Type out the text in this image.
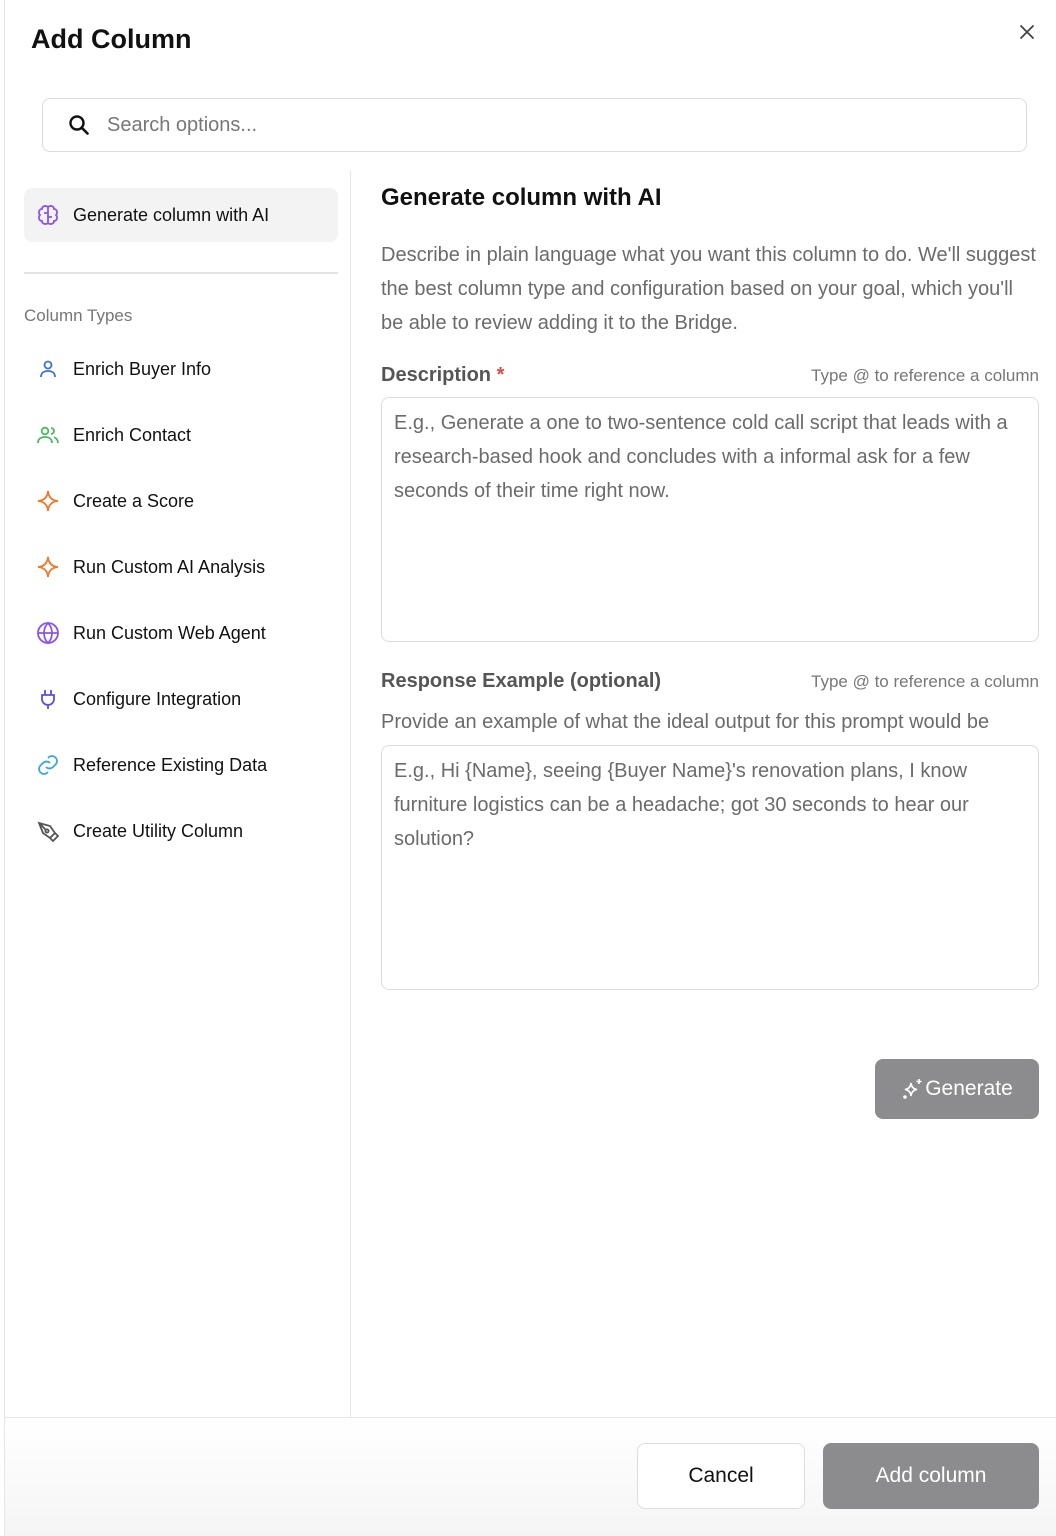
Add Column
Search options...
Generate column with AI
Column Types
Enrich Buyer Info
Enrich Contact
Create a Score
Run Custom AI Analysis
Run Custom Web Agent
Configure Integration
Reference Existing Data
Create Utility Column
Generate column with AI
Describe in plain language what you want this column to do. We'll suggest the best column type and configuration based on your goal, which you'll be able to review adding it to the Bridge.
Description *	Type @ to reference a column
E.g., Generate a one to two-sentence cold call script that leads with a research-based hook and concludes with a informal ask for a few seconds of their time right now.
Response Example (optional)	Type @ to reference a column
Provide an example of what the ideal output for this prompt would be
E.g., Hi {Name}, seeing {Buyer Name}'s renovation plans, I know furniture logistics can be a headache; got 30 seconds to hear our solution?
Generate
Cancel	Add column
